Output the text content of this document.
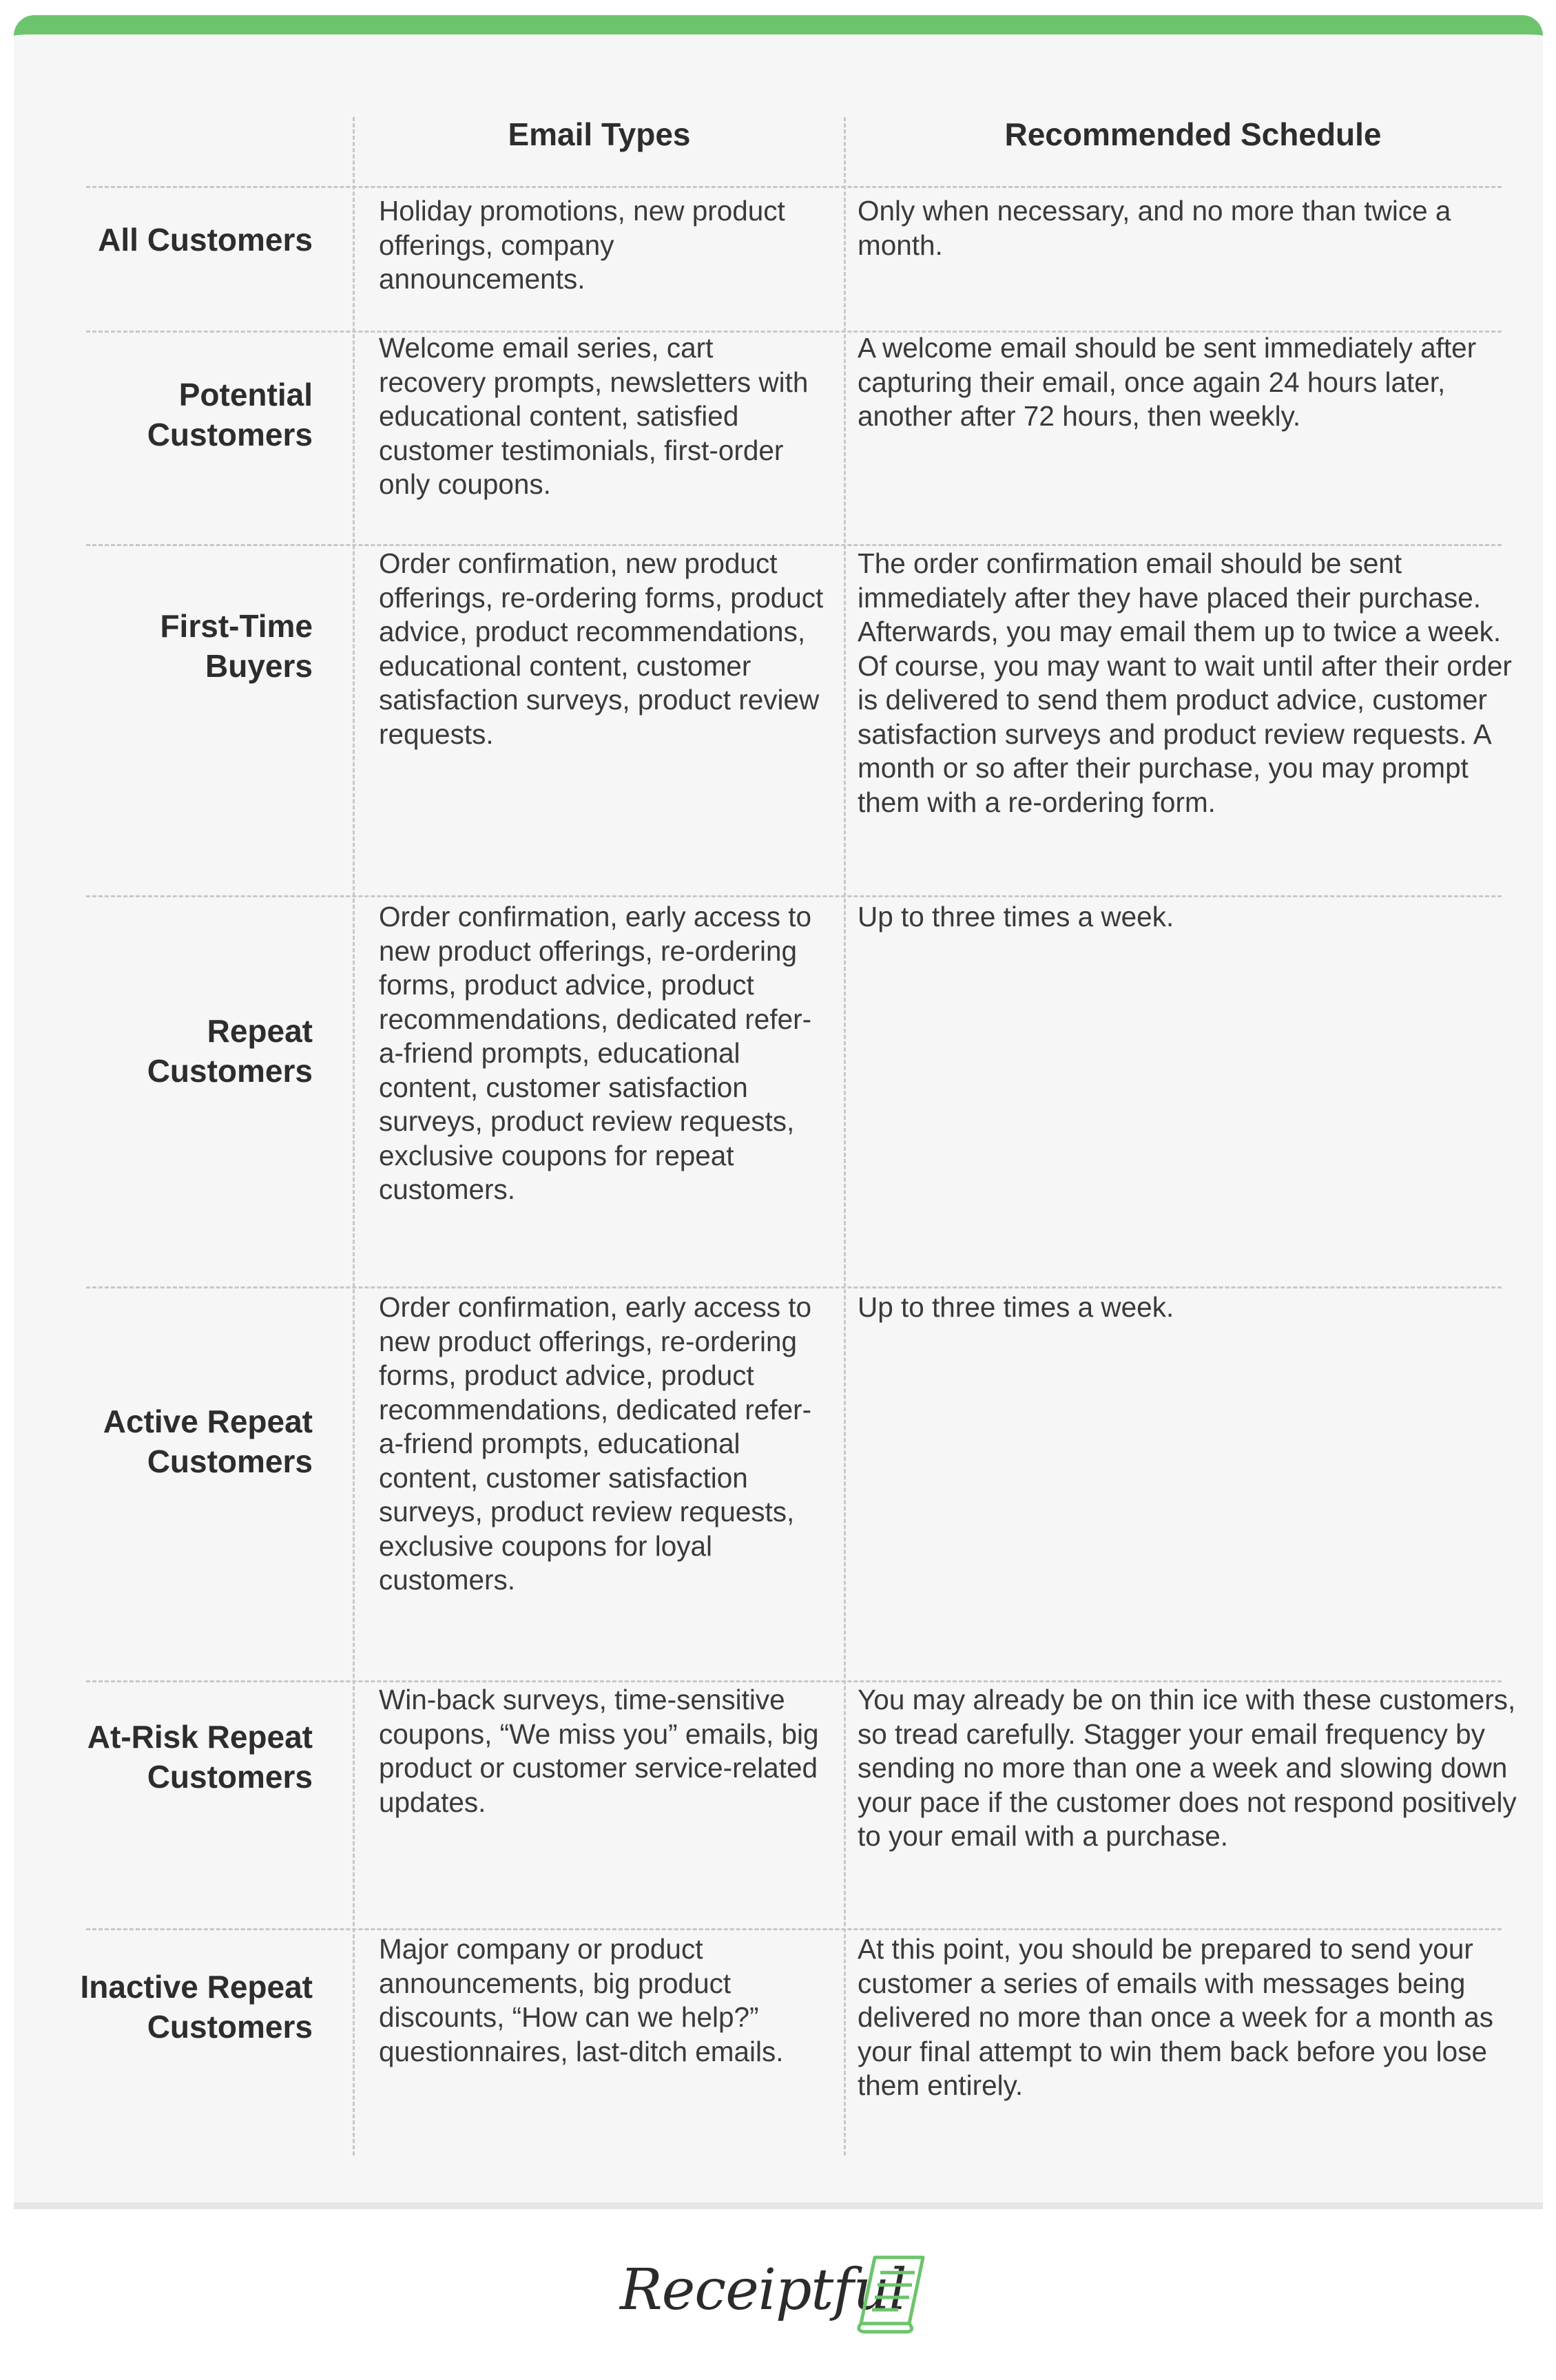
Email Types	Recommended Schedule
All Customers
Holiday promotions, new product offerings, company announcements.
Only when necessary, and no more than twice a month.
Potential
Customers
Welcome email series, cart recovery prompts, newsletters with educational content, satisfied customer testimonials, first-order only coupons.
A welcome email should be sent immediately after capturing their email, once again 24 hours later, another after 72 hours, then weekly.
First-Time
Buyers
Order confirmation, new product offerings, re-ordering forms, product advice, product recommendations, educational content, customer satisfaction surveys, product review requests.
The order confirmation email should be sent immediately after they have placed their purchase. Afterwards, you may email them up to twice a week. Of course, you may want to wait until after their order is delivered to send them product advice, customer satisfaction surveys and product review requests. A month or so after their purchase, you may prompt them with a re-ordering form.
Repeat
Customers
Order confirmation, early access to new product offerings, re-ordering forms, product advice, product recommendations, dedicated refer-a-friend prompts, educational content, customer satisfaction surveys, product review requests, exclusive coupons for repeat customers.
Up to three times a week.
Active Repeat
Customers
Order confirmation, early access to new product offerings, re-ordering forms, product advice, product recommendations, dedicated refer-a-friend prompts, educational content, customer satisfaction surveys, product review requests, exclusive coupons for loyal customers.
Up to three times a week.
At-Risk Repeat
Customers
Win-back surveys, time-sensitive coupons, “We miss you” emails, big product or customer service-related updates.
You may already be on thin ice with these customers, so tread carefully. Stagger your email frequency by sending no more than one a week and slowing down your pace if the customer does not respond positively to your email with a purchase.
Inactive Repeat
Customers
Major company or product announcements, big product discounts, “How can we help?” questionnaires, last-ditch emails.
At this point, you should be prepared to send your customer a series of emails with messages being delivered no more than once a week for a month as your final attempt to win them back before you lose them entirely.
Receiptful
